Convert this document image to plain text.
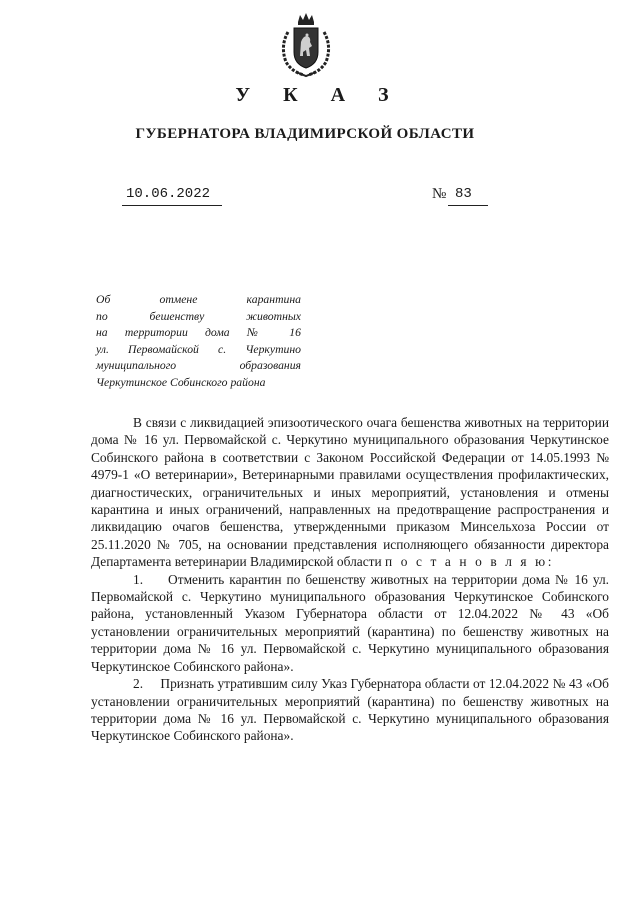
У К А З
ГУБЕРНАТОРА ВЛАДИМИРСКОЙ ОБЛАСТИ
10.06.2022	№ 83
Об отмене карантина
по бешенству животных
на территории дома № 16
ул. Первомайской с. Черкутино
муниципального образования
Черкутинское Собинского района

В связи с ликвидацией эпизоотического очага бешенства животных на территории дома № 16 ул. Первомайской с. Черкутино муниципального образования Черкутинское Собинского района в соответствии с Законом Российской Федерации от 14.05.1993 № 4979-1 «О ветеринарии», Ветеринарными правилами осуществления профилактических, диагностических, ограничительных и иных мероприятий, установления и отмены карантина и иных ограничений, направленных на предотвращение распространения и ликвидацию очагов бешенства, утвержденными приказом Минсельхоза России от 25.11.2020 № 705, на основании представления исполняющего обязанности директора Департамента ветеринарии Владимирской области п о с т а н о в л я ю:

1.     Отменить карантин по бешенству животных на территории дома № 16 ул. Первомайской с. Черкутино муниципального образования Черкутинское Собинского района, установленный Указом Губернатора области от 12.04.2022 № 43 «Об установлении ограничительных мероприятий (карантина) по бешенству животных на территории дома № 16 ул. Первомайской с. Черкутино муниципального образования Черкутинское Собинского района».

2.     Признать утратившим силу Указ Губернатора области от 12.04.2022 № 43 «Об установлении ограничительных мероприятий (карантина) по бешенству животных на территории дома № 16 ул. Первомайской с. Черкутино муниципального образования Черкутинское Собинского района».
